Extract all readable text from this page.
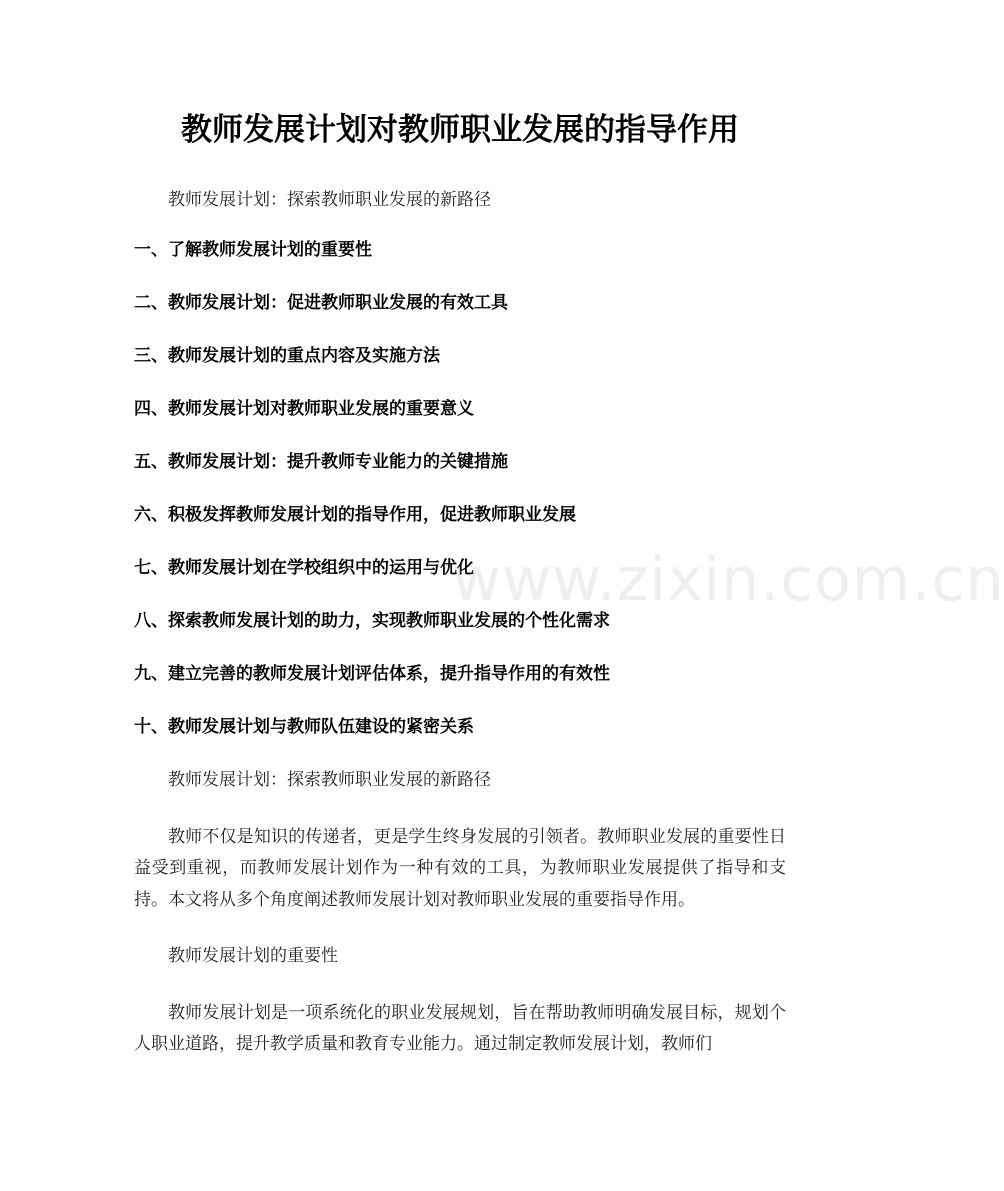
教师发展计划对教师职业发展的指导作用
教师发展计划：探索教师职业发展的新路径
一、了解教师发展计划的重要性
二、教师发展计划：促进教师职业发展的有效工具
三、教师发展计划的重点内容及实施方法
四、教师发展计划对教师职业发展的重要意义
五、教师发展计划：提升教师专业能力的关键措施
六、积极发挥教师发展计划的指导作用，促进教师职业发展
七、教师发展计划在学校组织中的运用与优化
八、探索教师发展计划的助力，实现教师职业发展的个性化需求
九、建立完善的教师发展计划评估体系，提升指导作用的有效性
十、教师发展计划与教师队伍建设的紧密关系

教师发展计划：探索教师职业发展的新路径

教师不仅是知识的传递者，更是学生终身发展的引领者。教师职业发展的重要性日益受到重视，而教师发展计划作为一种有效的工具，为教师职业发展提供了指导和支持。本文将从多个角度阐述教师发展计划对教师职业发展的重要指导作用。

教师发展计划的重要性

教师发展计划是一项系统化的职业发展规划，旨在帮助教师明确发展目标，规划个人职业道路，提升教学质量和教育专业能力。通过制定教师发展计划，教师们

www.zixin.com.cn
